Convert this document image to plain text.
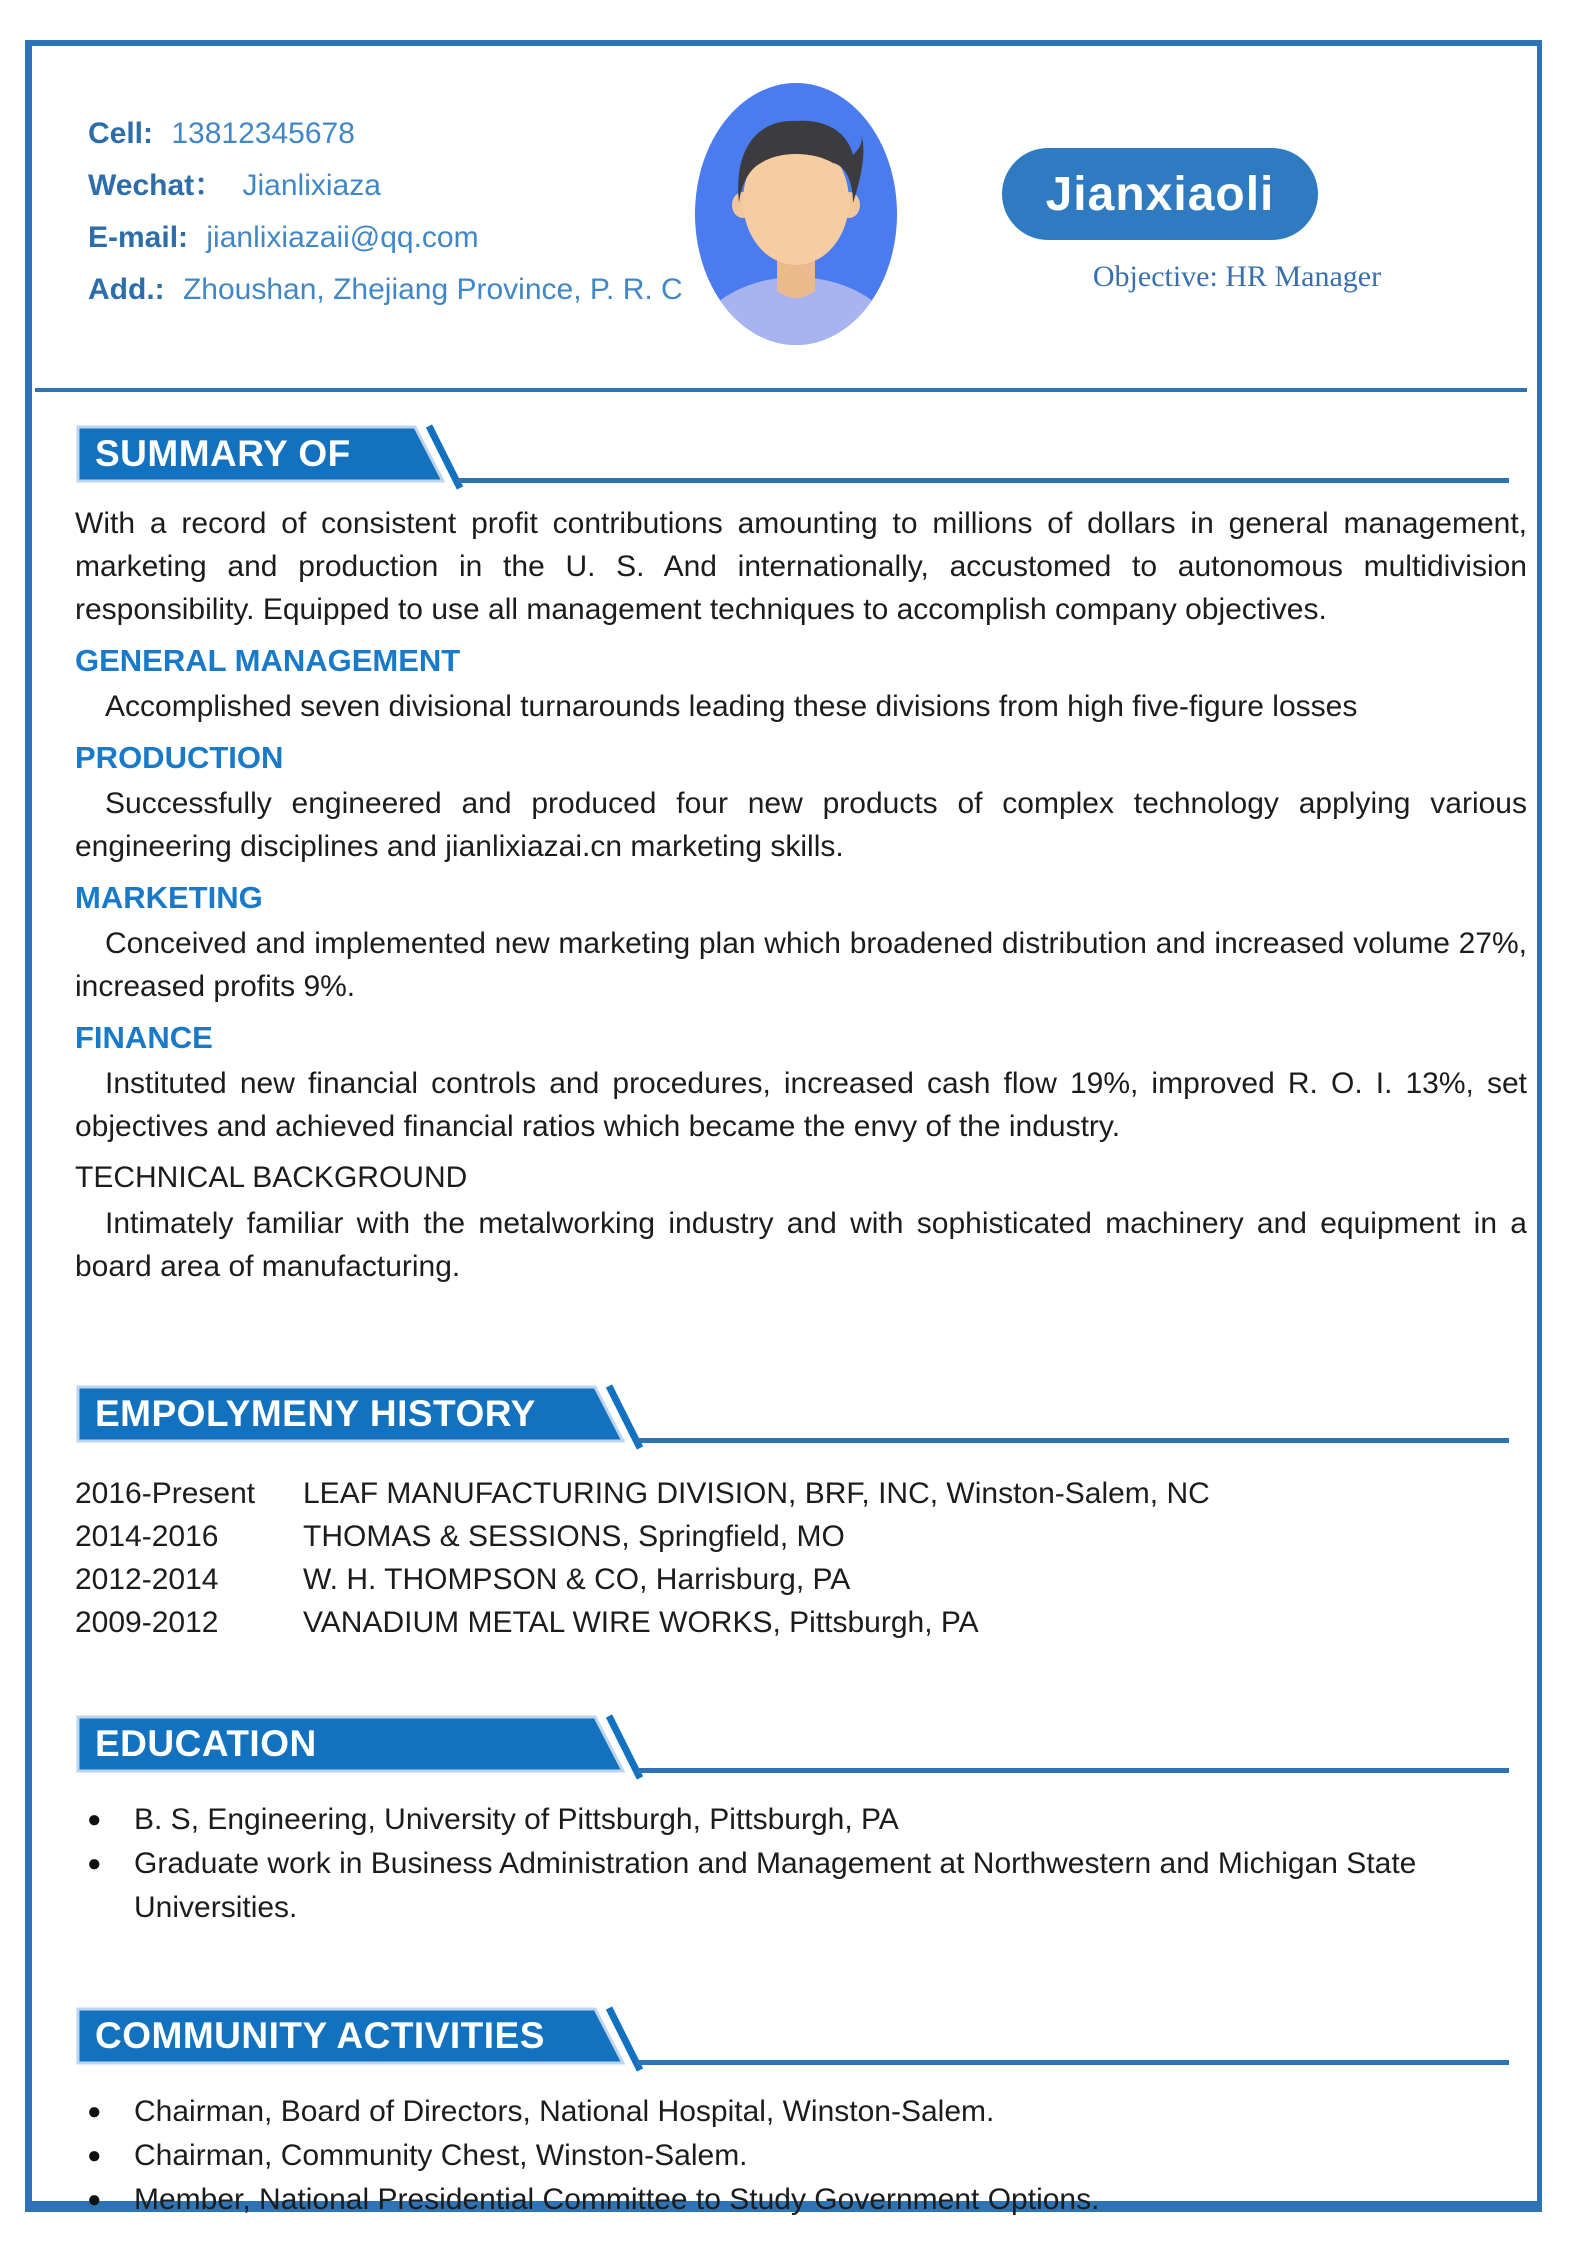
Cell: 13812345678
Wechat： Jianlixiaza
E-mail: jianlixiazaii@qq.com
Add.: Zhoushan, Zhejiang Province, P. R. C
Jianxiaoli
Objective: HR Manager
SUMMARY OF

With a record of consistent profit contributions amounting to millions of dollars in general management, marketing and production in the U. S. And internationally, accustomed to autonomous multidivision responsibility. Equipped to use all management techniques to accomplish company objectives.

GENERAL MANAGEMENT

Accomplished seven divisional turnarounds leading these divisions from high five-figure losses

PRODUCTION

Successfully engineered and produced four new products of complex technology applying various engineering disciplines and jianlixiazai.cn marketing skills.

MARKETING

Conceived and implemented new marketing plan which broadened distribution and increased volume 27%, increased profits 9%.

FINANCE

Instituted new financial controls and procedures, increased cash flow 19%, improved R. O. I. 13%, set objectives and achieved financial ratios which became the envy of the industry.

TECHNICAL BACKGROUND

Intimately familiar with the metalworking industry and with sophisticated machinery and equipment in a board area of manufacturing.

EMPOLYMENY HISTORY
2016-Present	LEAF MANUFACTURING DIVISION, BRF, INC, Winston-Salem, NC
2014-2016	THOMAS & SESSIONS, Springfield, MO
2012-2014	W. H. THOMPSON & CO, Harrisburg, PA
2009-2012	VANADIUM METAL WIRE WORKS, Pittsburgh, PA
EDUCATION
●	B. S, Engineering, University of Pittsburgh, Pittsburgh, PA
●	Graduate work in Business Administration and Management at Northwestern and Michigan State Universities.
COMMUNITY ACTIVITIES
●	Chairman, Board of Directors, National Hospital, Winston-Salem.
●	Chairman, Community Chest, Winston-Salem.
●	Member, National Presidential Committee to Study Government Options.
